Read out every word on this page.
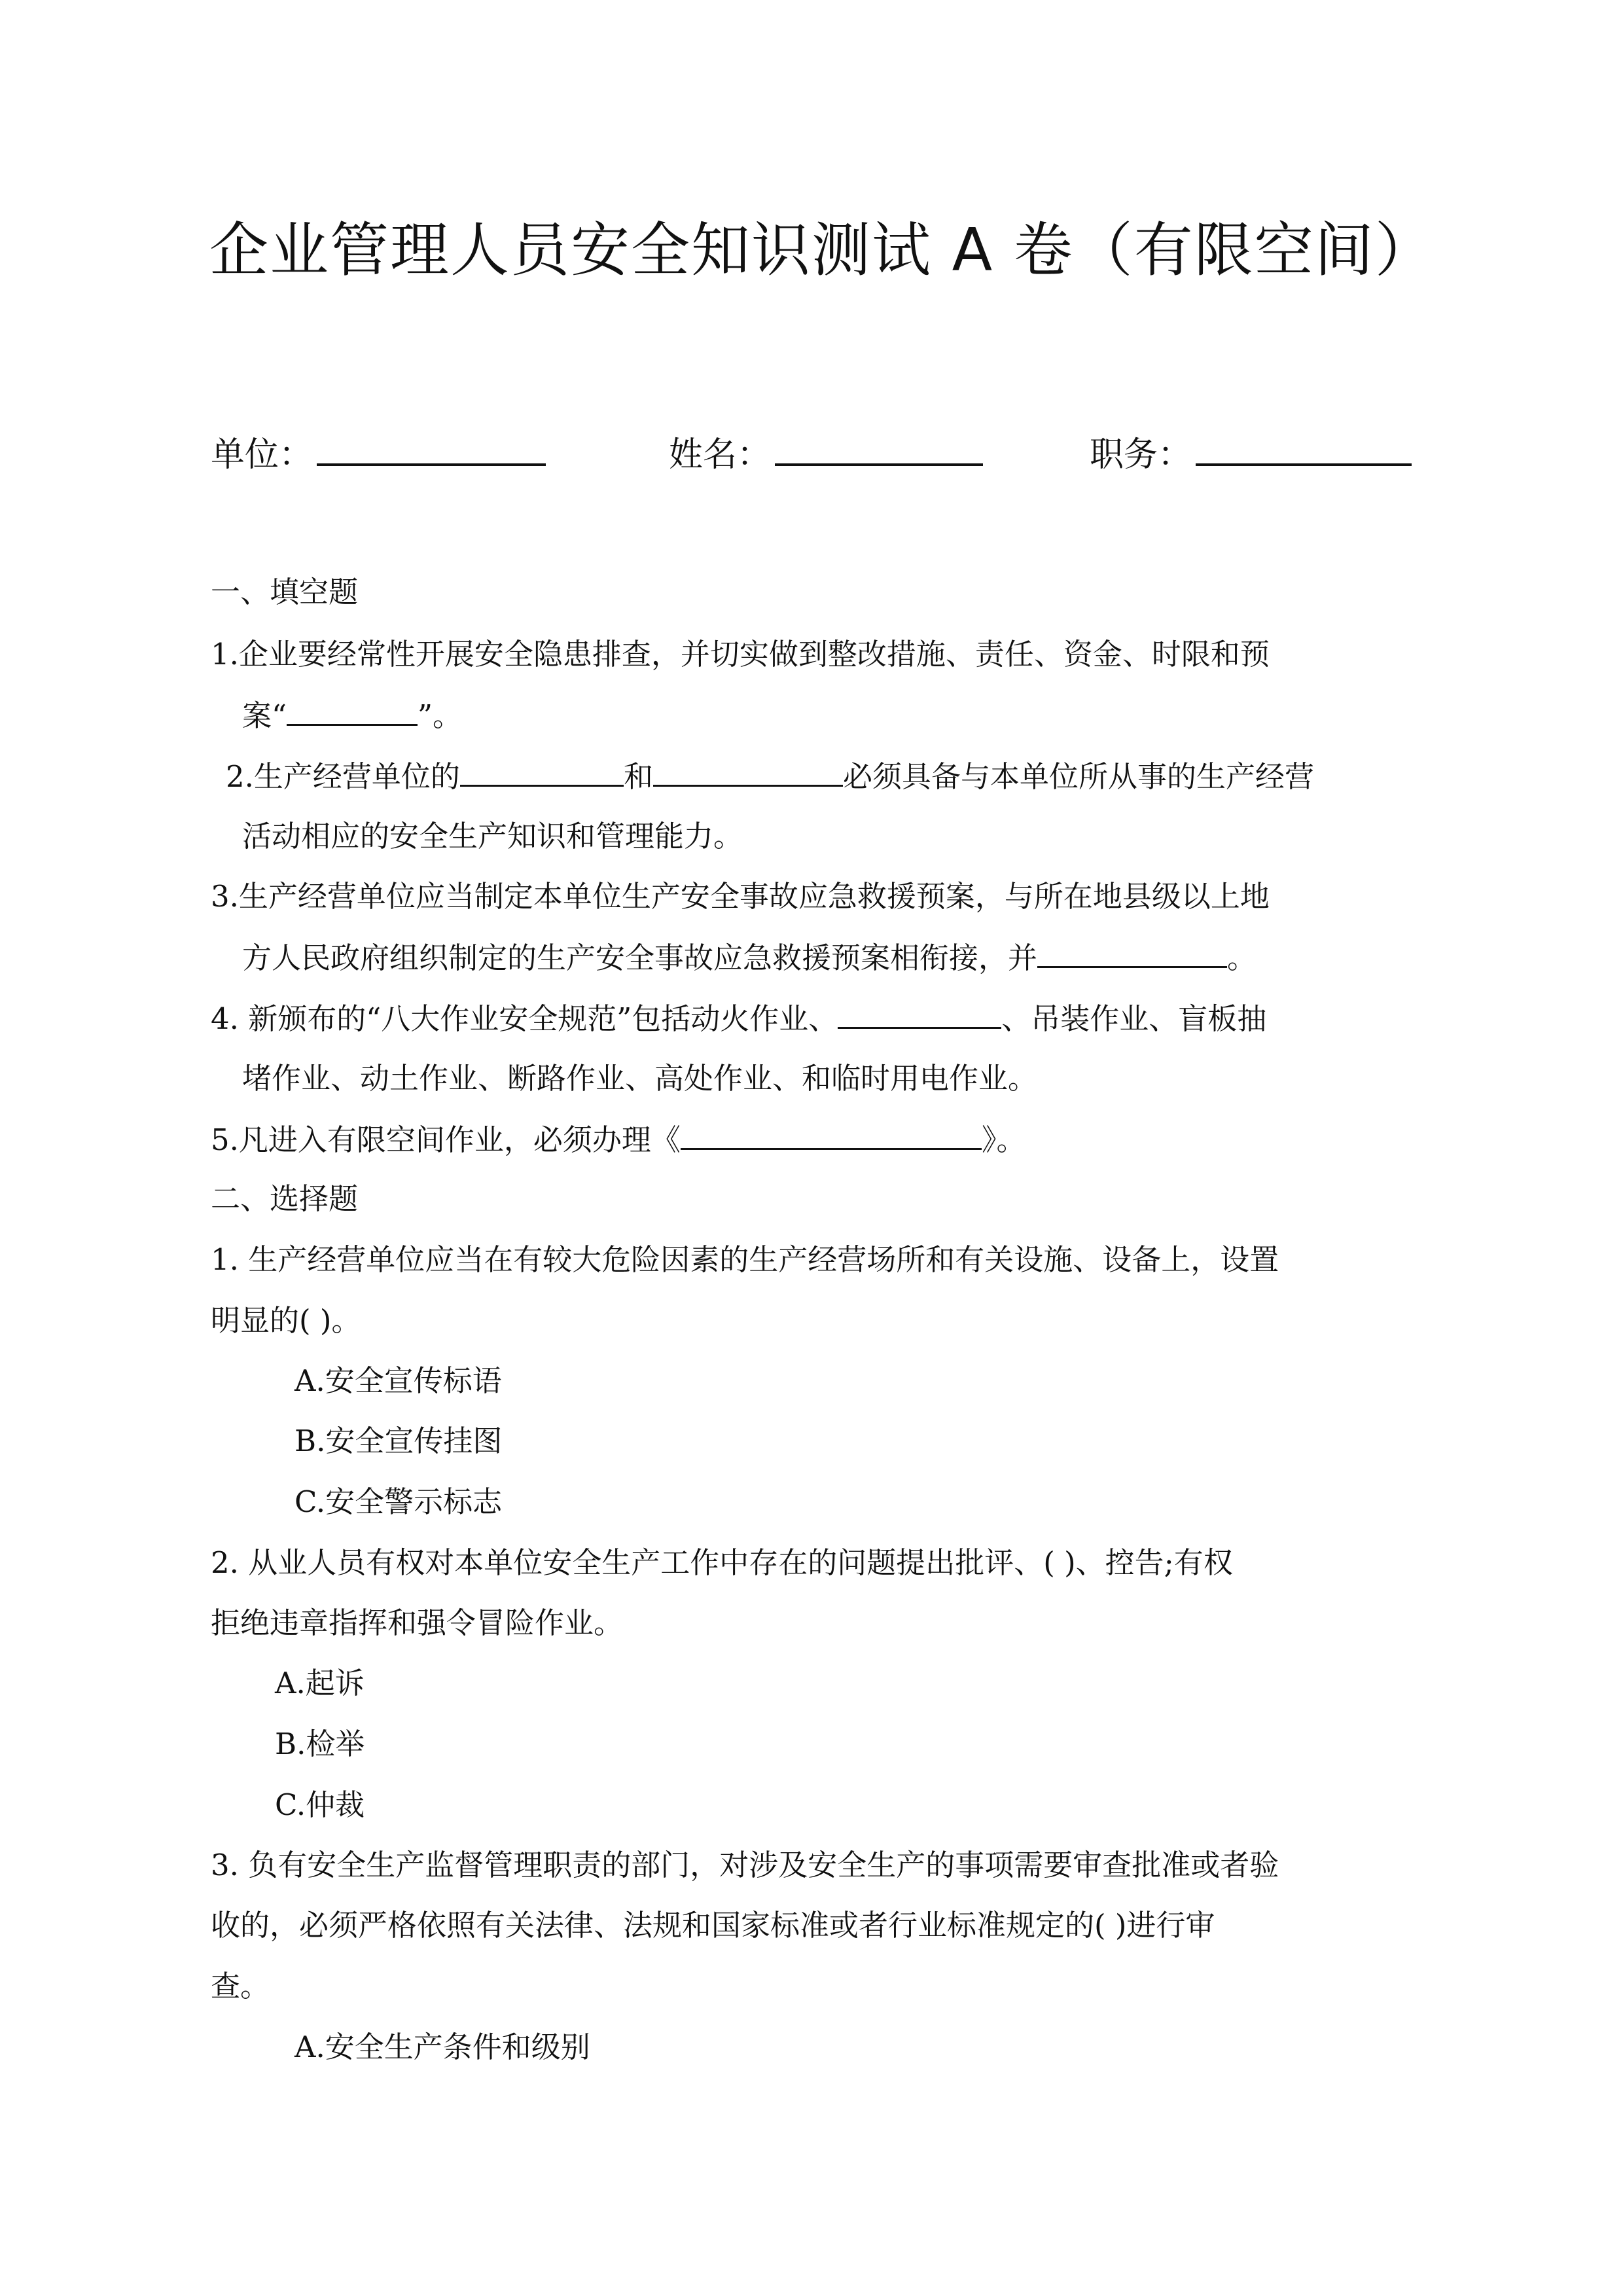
企业管理人员安全知识测试 A 卷（有限空间）
单位：	姓名：	职务：
一、填空题
1.企业要经常性开展安全隐患排查，并切实做到整改措施、责任、资金、时限和预
案“	”。
2.生产经营单位的	和	必须具备与本单位所从事的生产经营
活动相应的安全生产知识和管理能力。
3.生产经营单位应当制定本单位生产安全事故应急救援预案，与所在地县级以上地
方人民政府组织制定的生产安全事故应急救援预案相衔接，并	。
4. 新颁布的“八大作业安全规范”包括动火作业、	、吊装作业、盲板抽
堵作业、动土作业、断路作业、高处作业、和临时用电作业。
5.凡进入有限空间作业，必须办理《	》。
二、选择题
1. 生产经营单位应当在有较大危险因素的生产经营场所和有关设施、设备上，设置
明显的( )。
A.安全宣传标语
B.安全宣传挂图
C.安全警示标志
2. 从业人员有权对本单位安全生产工作中存在的问题提出批评、( )、控告;有权
拒绝违章指挥和强令冒险作业。
A.起诉
B.检举
C.仲裁
3. 负有安全生产监督管理职责的部门，对涉及安全生产的事项需要审查批准或者验
收的，必须严格依照有关法律、法规和国家标准或者行业标准规定的( )进行审
查。
A.安全生产条件和级别
